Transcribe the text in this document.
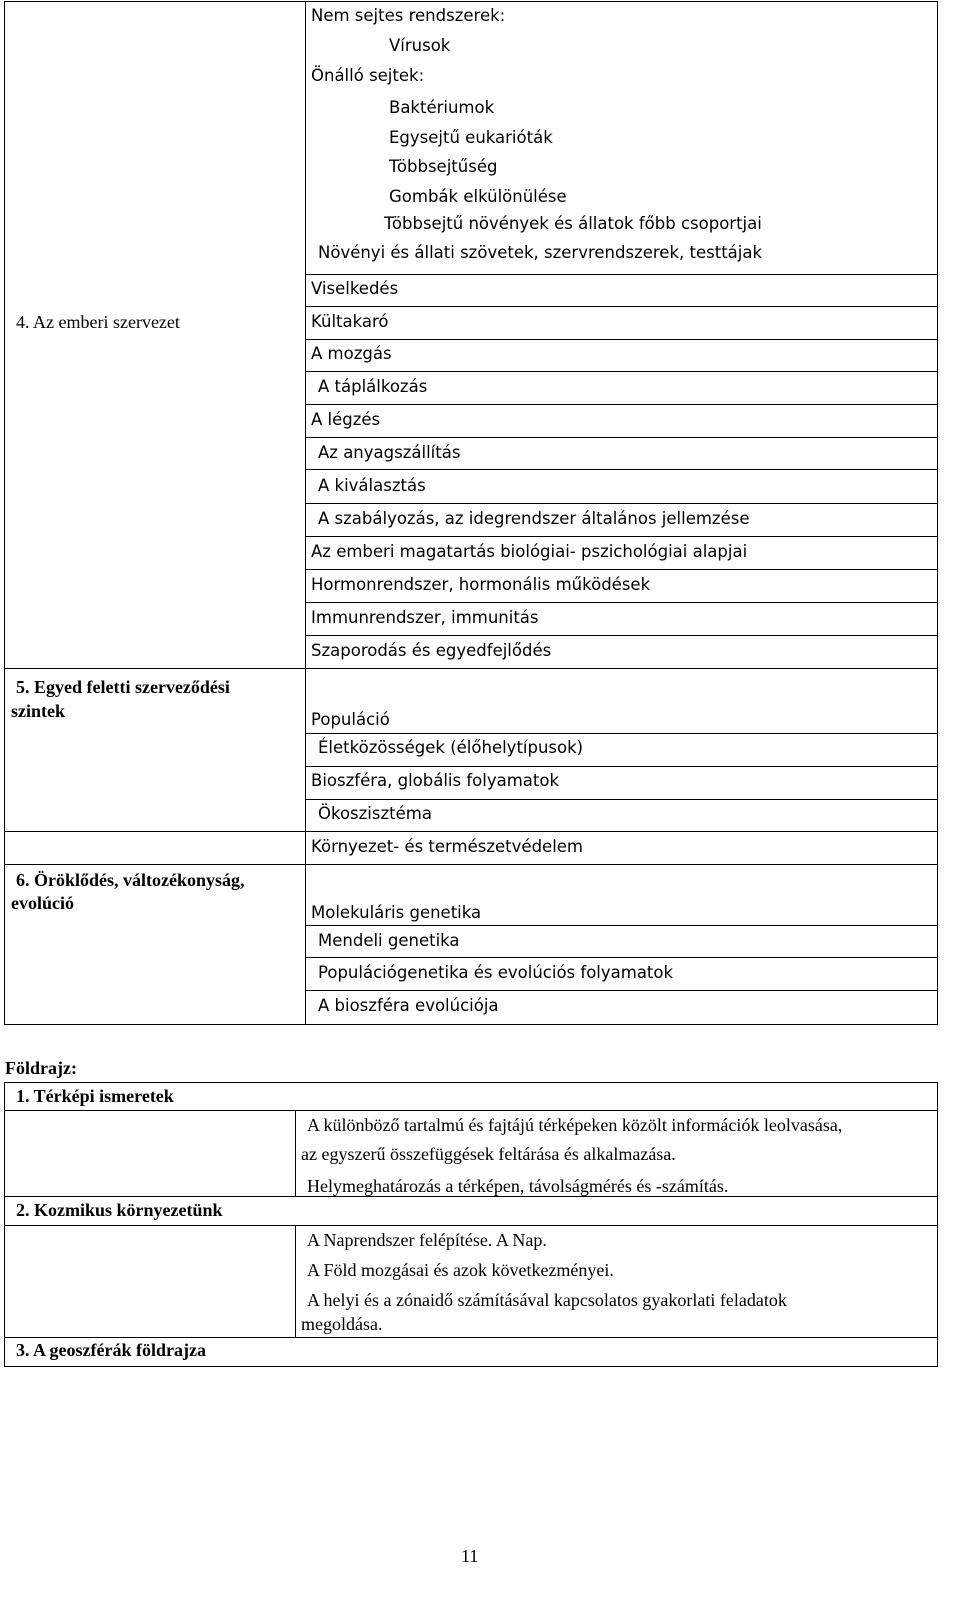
Nem sejtes rendszerek:
Vírusok
Önálló sejtek:
Baktériumok
Egysejtű eukarióták
Többsejtűség
Gombák elkülönülése
Többsejtű növények és állatok főbb csoportjai
Növényi és állati szövetek, szervrendszerek, testtájak
4. Az emberi szervezet
Viselkedés
Kültakaró
A mozgás
A táplálkozás
A légzés
Az anyagszállítás
A kiválasztás
A szabályozás, az idegrendszer általános jellemzése
Az emberi magatartás biológiai- pszichológiai alapjai
Hormonrendszer, hormonális működések
Immunrendszer, immunitás
Szaporodás és egyedfejlődés
5. Egyed feletti szerveződési
szintek	Populáció
Életközösségek (élőhelytípusok)
Bioszféra, globális folyamatok
Ökoszisztéma
Környezet- és természetvédelem
6. Öröklődés, változékonyság,
evolúció	Molekuláris genetika
Mendeli genetika
Populációgenetika és evolúciós folyamatok
A bioszféra evolúciója
Földrajz:
1. Térképi ismeretek
A különböző tartalmú és fajtájú térképeken közölt információk leolvasása,
az egyszerű összefüggések feltárása és alkalmazása.
Helymeghatározás a térképen, távolságmérés és -számítás.
2. Kozmikus környezetünk
A Naprendszer felépítése. A Nap.
A Föld mozgásai és azok következményei.
A helyi és a zónaidő számításával kapcsolatos gyakorlati feladatok
megoldása.
3. A geoszférák földrajza
11
